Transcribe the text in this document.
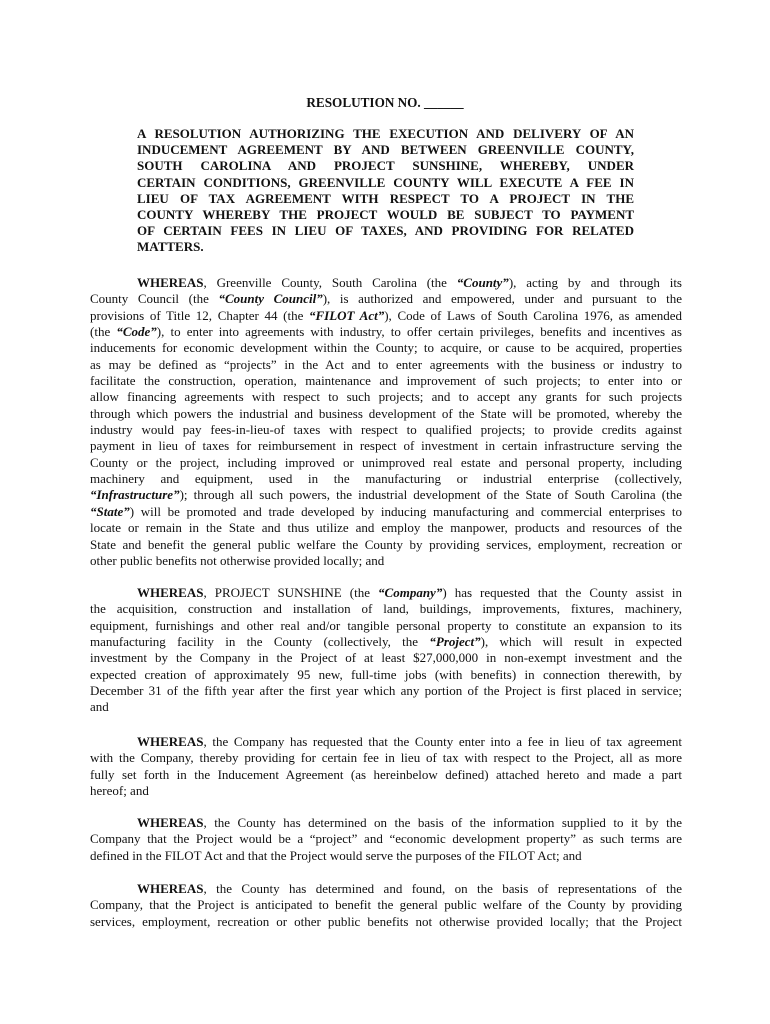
RESOLUTION NO. ______
A RESOLUTION AUTHORIZING THE EXECUTION AND DELIVERY OF AN
INDUCEMENT AGREEMENT BY AND BETWEEN GREENVILLE COUNTY,
SOUTH CAROLINA AND PROJECT SUNSHINE, WHEREBY, UNDER
CERTAIN CONDITIONS, GREENVILLE COUNTY WILL EXECUTE A FEE IN
LIEU OF TAX AGREEMENT WITH RESPECT TO A PROJECT IN THE
COUNTY WHEREBY THE PROJECT WOULD BE SUBJECT TO PAYMENT
OF CERTAIN FEES IN LIEU OF TAXES, AND PROVIDING FOR RELATED
MATTERS.
WHEREAS, Greenville County, South Carolina (the “County”), acting by and through its
County Council (the “County Council”), is authorized and empowered, under and pursuant to the
provisions of Title 12, Chapter 44 (the “FILOT Act”), Code of Laws of South Carolina 1976, as amended
(the “Code”), to enter into agreements with industry, to offer certain privileges, benefits and incentives as
inducements for economic development within the County; to acquire, or cause to be acquired, properties
as may be defined as “projects” in the Act and to enter agreements with the business or industry to
facilitate the construction, operation, maintenance and improvement of such projects; to enter into or
allow financing agreements with respect to such projects; and to accept any grants for such projects
through which powers the industrial and business development of the State will be promoted, whereby the
industry would pay fees-in-lieu-of taxes with respect to qualified projects; to provide credits against
payment in lieu of taxes for reimbursement in respect of investment in certain infrastructure serving the
County or the project, including improved or unimproved real estate and personal property, including
machinery and equipment, used in the manufacturing or industrial enterprise (collectively,
“Infrastructure”); through all such powers, the industrial development of the State of South Carolina (the
“State”) will be promoted and trade developed by inducing manufacturing and commercial enterprises to
locate or remain in the State and thus utilize and employ the manpower, products and resources of the
State and benefit the general public welfare the County by providing services, employment, recreation or
other public benefits not otherwise provided locally; and
WHEREAS, PROJECT SUNSHINE (the “Company”) has requested that the County assist in
the acquisition, construction and installation of land, buildings, improvements, fixtures, machinery,
equipment, furnishings and other real and/or tangible personal property to constitute an expansion to its
manufacturing facility in the County (collectively, the “Project”), which will result in expected
investment by the Company in the Project of at least $27,000,000 in non-exempt investment and the
expected creation of approximately 95 new, full-time jobs (with benefits) in connection therewith, by
December 31 of the fifth year after the first year which any portion of the Project is first placed in service;
and
WHEREAS, the Company has requested that the County enter into a fee in lieu of tax agreement
with the Company, thereby providing for certain fee in lieu of tax with respect to the Project, all as more
fully set forth in the Inducement Agreement (as hereinbelow defined) attached hereto and made a part
hereof; and
WHEREAS, the County has determined on the basis of the information supplied to it by the
Company that the Project would be a “project” and “economic development property” as such terms are
defined in the FILOT Act and that the Project would serve the purposes of the FILOT Act; and
WHEREAS, the County has determined and found, on the basis of representations of the
Company, that the Project is anticipated to benefit the general public welfare of the County by providing
services, employment, recreation or other public benefits not otherwise provided locally; that the Project
